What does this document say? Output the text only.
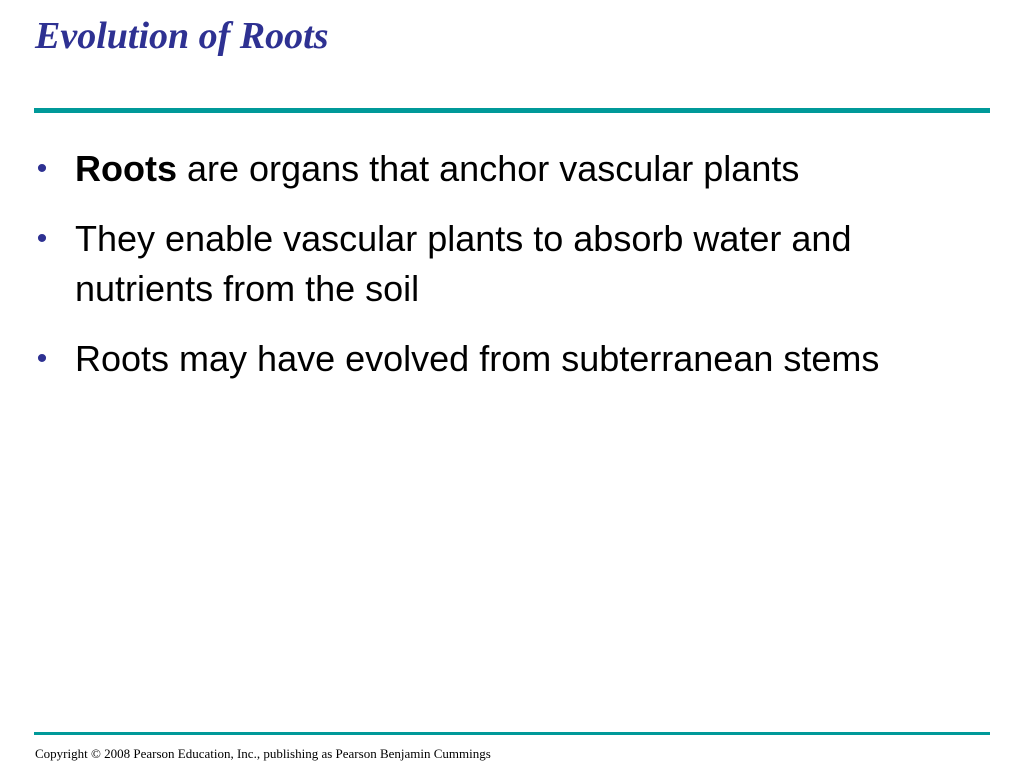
Evolution of Roots
• Roots are organs that anchor vascular plants
• They enable vascular plants to absorb water and nutrients from the soil
• Roots may have evolved from subterranean stems

Copyright © 2008 Pearson Education, Inc., publishing as Pearson Benjamin Cummings
